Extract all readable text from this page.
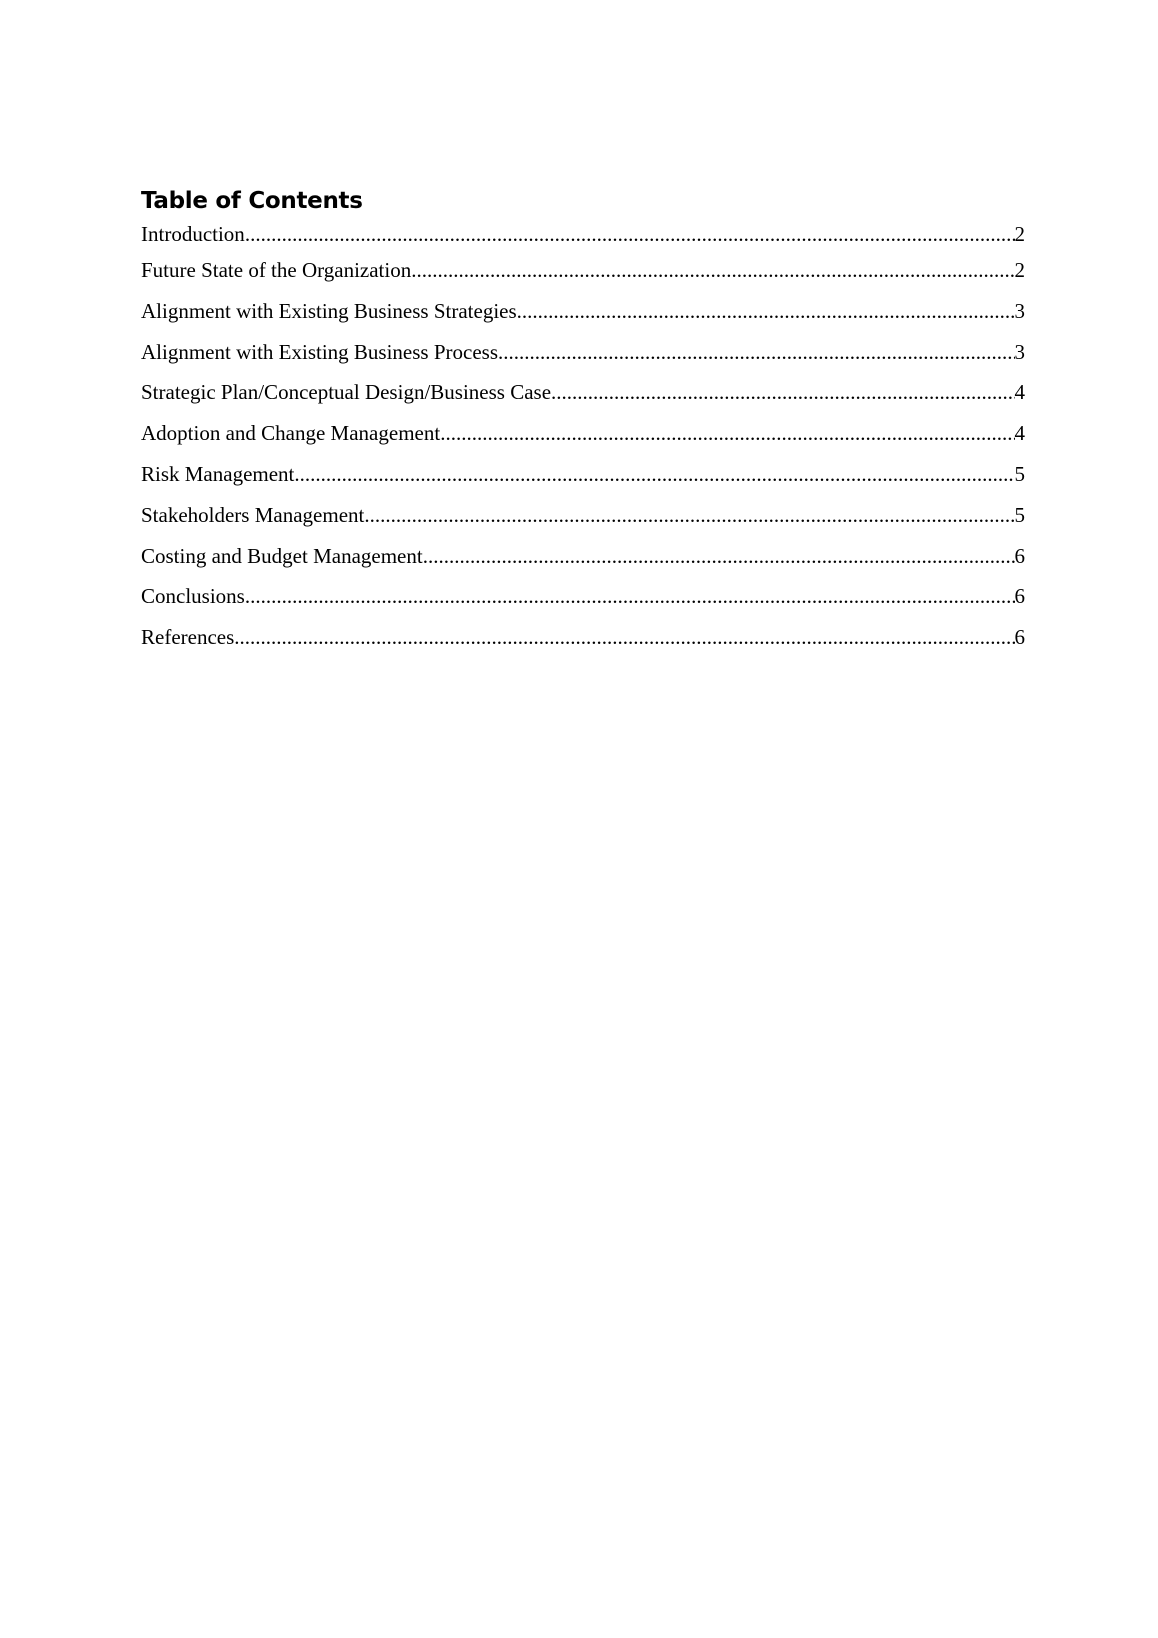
Table of Contents
Introduction .....	2
Future State of the Organization .....	2
Alignment with Existing Business Strategies .....	3
Alignment with Existing Business Process .....	3
Strategic Plan/Conceptual Design/Business Case .....	4
Adoption and Change Management .....	4
Risk Management .....	5
Stakeholders Management .....	5
Costing and Budget Management .....	6
Conclusions .....	6
References .....	6
